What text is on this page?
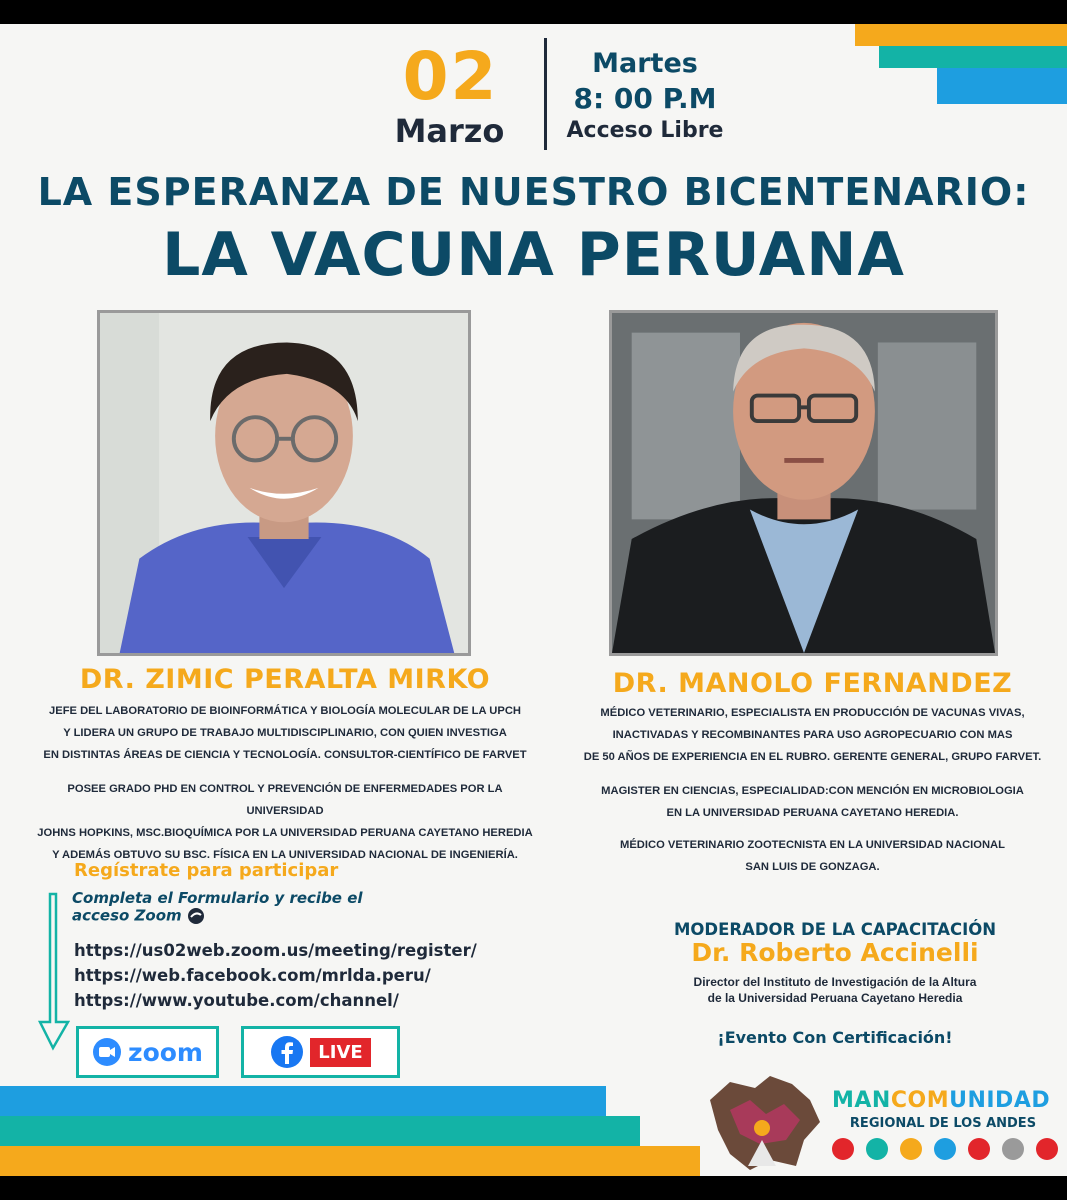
02
Marzo
Martes
8: 00 P.M
Acceso Libre
LA ESPERANZA DE NUESTRO BICENTENARIO:
LA VACUNA PERUANA
DR. ZIMIC PERALTA MIRKO
JEFE DEL LABORATORIO DE BIOINFORMÁTICA Y BIOLOGÍA MOLECULAR DE LA UPCH
Y LIDERA UN GRUPO DE TRABAJO MULTIDISCIPLINARIO, CON QUIEN INVESTIGA
EN DISTINTAS ÁREAS DE CIENCIA Y TECNOLOGÍA. CONSULTOR-CIENTÍFICO DE FARVET
POSEE GRADO PHD EN CONTROL Y PREVENCIÓN DE ENFERMEDADES POR LA UNIVERSIDAD
JOHNS HOPKINS, MSC.BIOQUÍMICA POR LA UNIVERSIDAD PERUANA CAYETANO HEREDIA
Y ADEMÁS OBTUVO SU BSC. FÍSICA EN LA UNIVERSIDAD NACIONAL DE INGENIERÍA.
DR. MANOLO FERNANDEZ
MÉDICO VETERINARIO, ESPECIALISTA EN PRODUCCIÓN DE VACUNAS VIVAS,
INACTIVADAS Y RECOMBINANTES PARA USO AGROPECUARIO CON MAS
DE 50 AÑOS DE EXPERIENCIA EN EL RUBRO. GERENTE GENERAL, GRUPO FARVET.
MAGISTER EN CIENCIAS, ESPECIALIDAD:CON MENCIÓN EN MICROBIOLOGIA
EN LA UNIVERSIDAD PERUANA CAYETANO HEREDIA.
MÉDICO VETERINARIO ZOOTECNISTA EN LA UNIVERSIDAD NACIONAL
SAN LUIS DE GONZAGA.
Regístrate para participar
Completa el Formulario y recibe el acceso Zoom
https://us02web.zoom.us/meeting/register/
https://web.facebook.com/mrlda.peru/
https://www.youtube.com/channel/
zoom	LIVE
MODERADOR DE LA CAPACITACIÓN
Dr. Roberto Accinelli
Director del Instituto de Investigación de la Altura
de la Universidad Peruana Cayetano Heredia
¡Evento Con Certificación!
MANCOMUNIDAD
REGIONAL DE LOS ANDES
